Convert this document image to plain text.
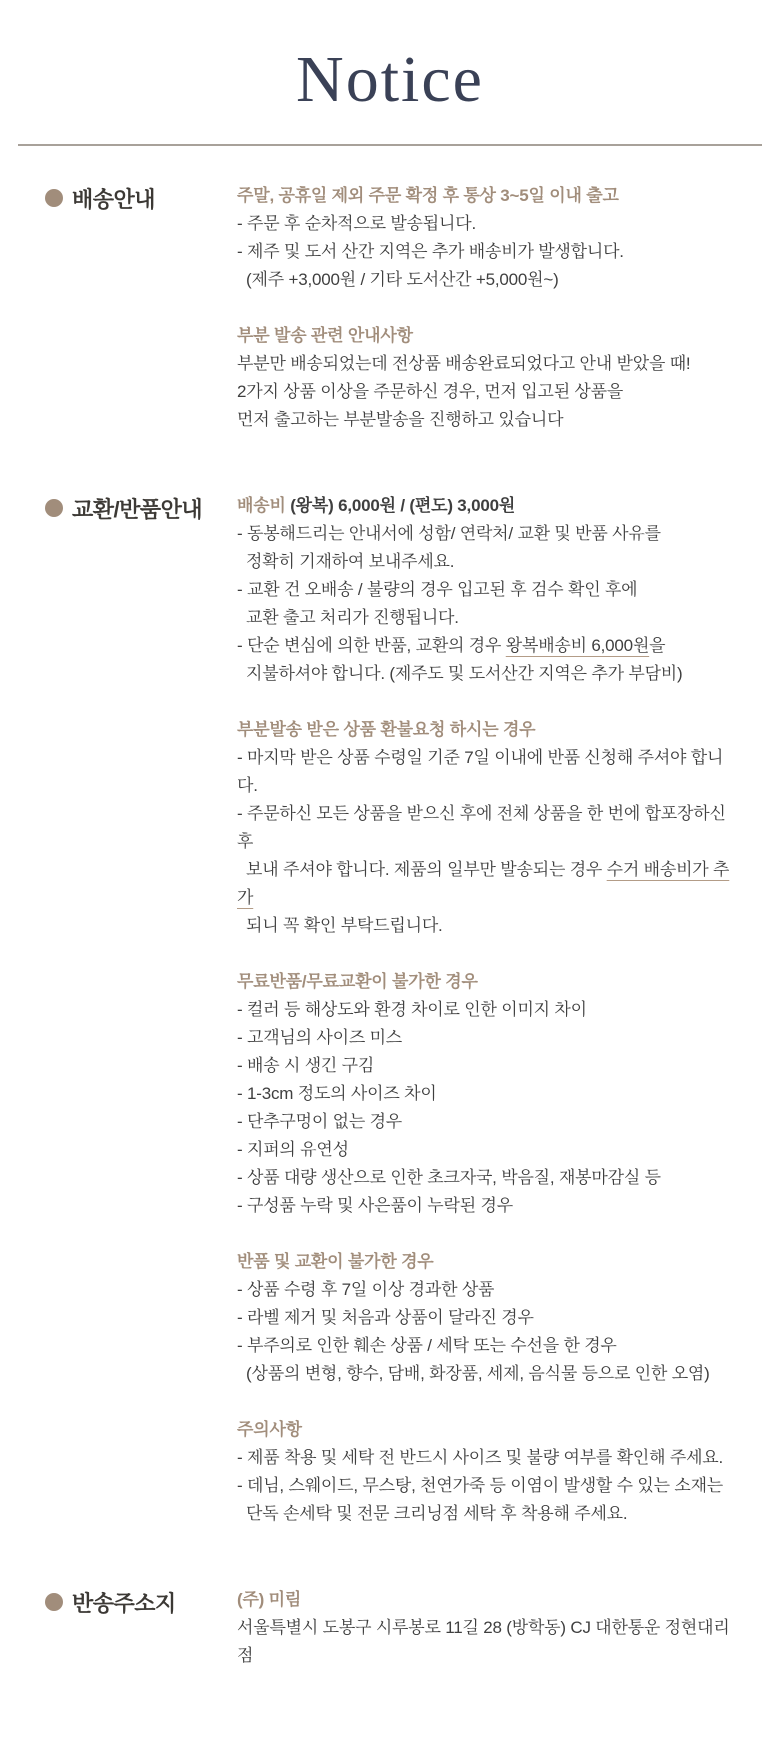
Notice
배송안내	주말, 공휴일 제외 주문 확정 후 통상 3~5일 이내 출고
- 주문 후 순차적으로 발송됩니다.
- 제주 및 도서 산간 지역은 추가 배송비가 발생합니다.
(제주 +3,000원 / 기타 도서산간 +5,000원~)
부분 발송 관련 안내사항
부분만 배송되었는데 전상품 배송완료되었다고 안내 받았을 때!
2가지 상품 이상을 주문하신 경우, 먼저 입고된 상품을
먼저 출고하는 부분발송을 진행하고 있습니다
교환/반품안내 배송비 (왕복) 6,000원 / (편도) 3,000원
- 동봉해드리는 안내서에 성함/ 연락처/ 교환 및 반품 사유를
정확히 기재하여 보내주세요.
- 교환 건 오배송 / 불량의 경우 입고된 후 검수 확인 후에
교환 출고 처리가 진행됩니다.
- 단순 변심에 의한 반품, 교환의 경우 왕복배송비 6,000원을
지불하셔야 합니다. (제주도 및 도서산간 지역은 추가 부담비)
부분발송 받은 상품 환불요청 하시는 경우
- 마지막 받은 상품 수령일 기준 7일 이내에 반품 신청해 주셔야 합니다.
- 주문하신 모든 상품을 받으신 후에 전체 상품을 한 번에 합포장하신 후
보내 주셔야 합니다. 제품의 일부만 발송되는 경우 수거 배송비가 추가
되니 꼭 확인 부탁드립니다.
무료반품/무료교환이 불가한 경우
- 컬러 등 해상도와 환경 차이로 인한 이미지 차이
- 고객님의 사이즈 미스
- 배송 시 생긴 구김
- 1-3cm 정도의 사이즈 차이
- 단추구멍이 없는 경우
- 지퍼의 유연성
- 상품 대량 생산으로 인한 초크자국, 박음질, 재봉마감실 등
- 구성품 누락 및 사은품이 누락된 경우
반품 및 교환이 불가한 경우
- 상품 수령 후 7일 이상 경과한 상품
- 라벨 제거 및 처음과 상품이 달라진 경우
- 부주의로 인한 훼손 상품 / 세탁 또는 수선을 한 경우
(상품의 변형, 향수, 담배, 화장품, 세제, 음식물 등으로 인한 오염)
주의사항
- 제품 착용 및 세탁 전 반드시 사이즈 및 불량 여부를 확인해 주세요.
- 데님, 스웨이드, 무스탕, 천연가죽 등 이염이 발생할 수 있는 소재는
단독 손세탁 및 전문 크리닝점 세탁 후 착용해 주세요.
반송주소지	(주) 미림
서울특별시 도봉구 시루봉로 11길 28 (방학동) CJ 대한통운 정현대리점
